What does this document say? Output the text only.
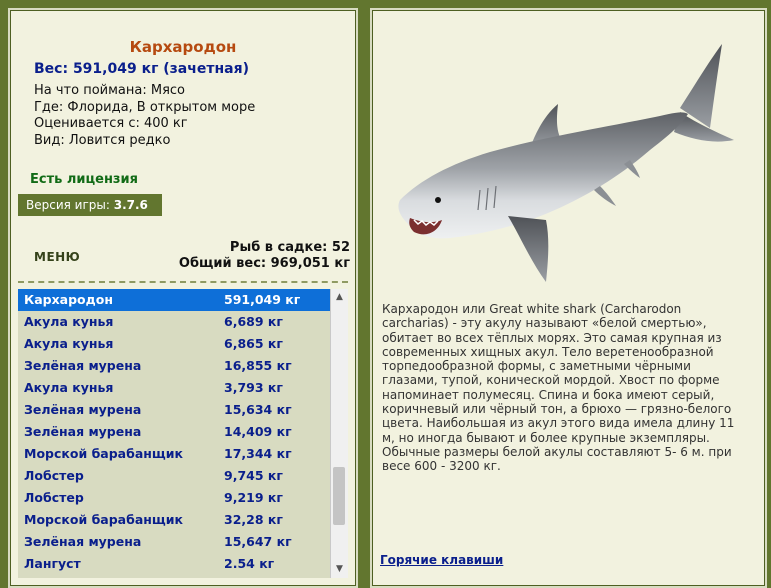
Кархародон
Вес: 591,049 кг (зачетная)
На что поймана: Мясо
Где: Флорида, В открытом море
Оценивается с: 400 кг
Вид: Ловится редко
Есть лицензия
Версия игры: 3.7.6
МЕНЮ
Рыб в садке: 52
Общий вес: 969,051 кг
Кархародон	591,049 кг
Акула кунья	6,689 кг
Акула кунья	6,865 кг
Зелёная мурена	16,855 кг
Акула кунья	3,793 кг
Зелёная мурена	15,634 кг
Зелёная мурена	14,409 кг
Морской барабанщик	17,344 кг
Лобстер	9,745 кг
Лобстер	9,219 кг
Морской барабанщик	32,28 кг
Зелёная мурена	15,647 кг
Лангуст	2.54 кг
▲
▼
Кархародон или Great white shark (Carcharodon carcharias) - эту акулу называют «белой смертью», обитает во всех тёплых морях. Это самая крупная из современных хищных акул. Тело веретенообразной торпедообразной формы, с заметными чёрными глазами, тупой, конической мордой. Хвост по форме напоминает полумесяц. Спина и бока имеют серый, коричневый или чёрный тон, а брюхо — грязно-белого цвета. Наибольшая из акул этого вида имела длину 11 м, но иногда бывают и более крупные экземпляры. Обычные размеры белой акулы составляют 5- 6 м. при весе 600 - 3200 кг.
Горячие клавиши
